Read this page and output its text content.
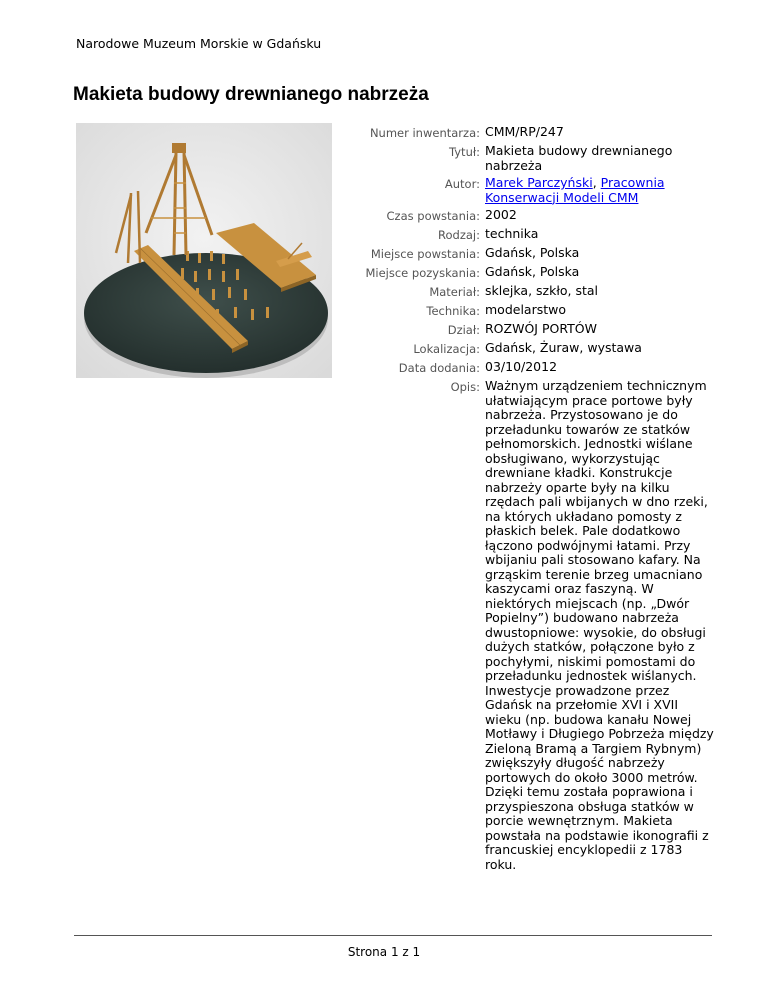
Narodowe Muzeum Morskie w Gdańsku
Makieta budowy drewnianego nabrzeża
Numer inwentarza: CMM/RP/247
Tytuł: Makieta budowy drewnianego nabrzeża
Autor: Marek Parczyński, Pracownia Konserwacji Modeli CMM
Czas powstania: 2002
Rodzaj: technika
Miejsce powstania: Gdańsk, Polska
Miejsce pozyskania: Gdańsk, Polska
Materiał: sklejka, szkło, stal
Technika: modelarstwo
Dział: ROZWÓJ PORTÓW
Lokalizacja: Gdańsk, Żuraw, wystawa
Data dodania: 03/10/2012
Opis: Ważnym urządzeniem technicznym ułatwiającym prace portowe były nabrzeża. Przystosowano je do przeładunku towarów ze statków pełnomorskich. Jednostki wiślane obsługiwano, wykorzystując drewniane kładki. Konstrukcje nabrzeży oparte były na kilku rzędach pali wbijanych w dno rzeki, na których układano pomosty z płaskich belek. Pale dodatkowo łączono podwójnymi łatami. Przy wbijaniu pali stosowano kafary. Na grząskim terenie brzeg umacniano kaszycami oraz faszyną. W niektórych miejscach (np. „Dwór Popielny”) budowano nabrzeża dwustopniowe: wysokie, do obsługi dużych statków, połączone było z pochyłymi, niskimi pomostami do przeładunku jednostek wiślanych. Inwestycje prowadzone przez Gdańsk na przełomie XVI i XVII wieku (np. budowa kanału Nowej Motławy i Długiego Pobrzeża między Zieloną Bramą a Targiem Rybnym) zwiększyły długość nabrzeży portowych do około 3000 metrów. Dzięki temu została poprawiona i przyspieszona obsługa statków w porcie wewnętrznym. Makieta powstała na podstawie ikonografii z francuskiej encyklopedii z 1783 roku.
Strona 1 z 1
